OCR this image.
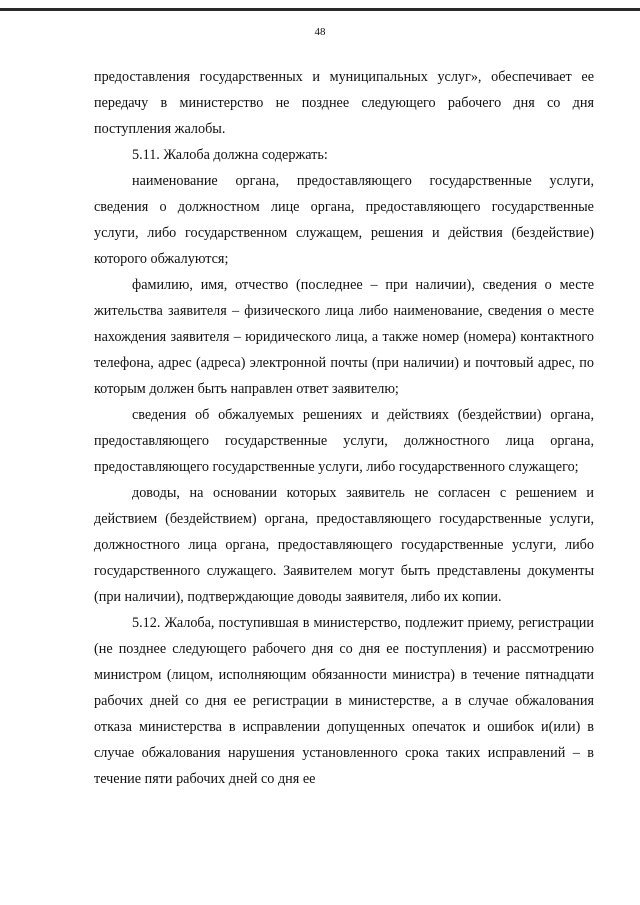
48

предоставления государственных и муниципальных услуг», обеспечивает ее передачу в министерство не позднее следующего рабочего дня со дня поступления жалобы.

5.11. Жалоба должна содержать:

наименование органа, предоставляющего государственные услуги, сведения о должностном лице органа, предоставляющего государственные услуги, либо государственном служащем, решения и действия (бездействие) которого обжалуются;

фамилию, имя, отчество (последнее – при наличии), сведения о месте жительства заявителя – физического лица либо наименование, сведения о месте нахождения заявителя – юридического лица, а также номер (номера) контактного телефона, адрес (адреса) электронной почты (при наличии) и почтовый адрес, по которым должен быть направлен ответ заявителю;

сведения об обжалуемых решениях и действиях (бездействии) органа, предоставляющего государственные услуги, должностного лица органа, предоставляющего государственные услуги, либо государственного служащего;

доводы, на основании которых заявитель не согласен с решением и действием (бездействием) органа, предоставляющего государственные услуги, должностного лица органа, предоставляющего государственные услуги, либо государственного служащего. Заявителем могут быть представлены документы (при наличии), подтверждающие доводы заявителя, либо их копии.

5.12. Жалоба, поступившая в министерство, подлежит приему, регистрации (не позднее следующего рабочего дня со дня ее поступления) и рассмотрению министром (лицом, исполняющим обязанности министра) в течение пятнадцати рабочих дней со дня ее регистрации в министерстве, а в случае обжалования отказа министерства в исправлении допущенных опечаток и ошибок и(или) в случае обжалования нарушения установленного срока таких исправлений – в течение пяти рабочих дней со дня ее
